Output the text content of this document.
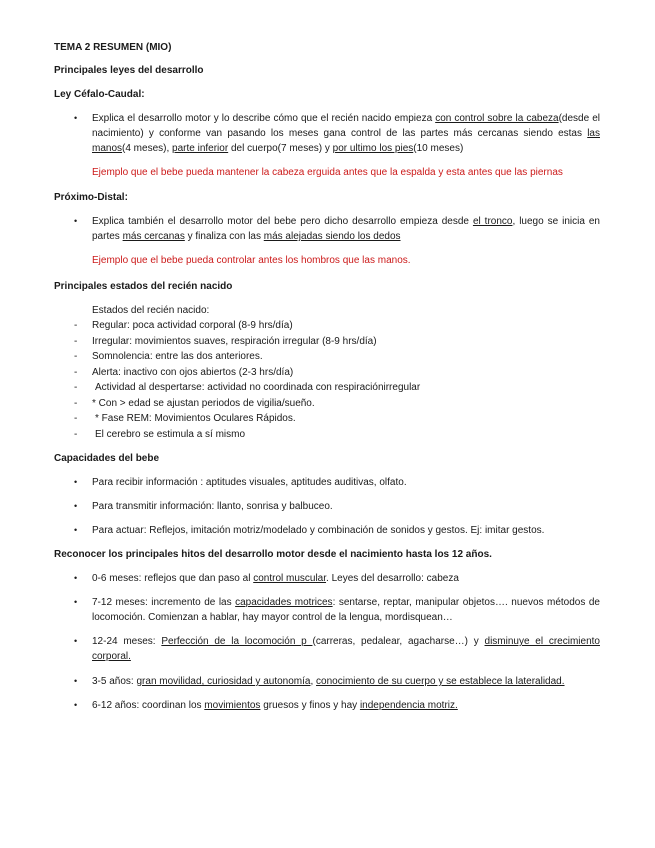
TEMA 2 RESUMEN (MIO)
Principales leyes del desarrollo
Ley Céfalo-Caudal:
•	Explica el desarrollo motor y lo describe cómo que el recién nacido empieza con control sobre la cabeza(desde el nacimiento) y conforme van pasando los meses gana control de las partes más cercanas siendo estas las manos(4 meses), parte inferior del cuerpo(7 meses) y por ultimo los pies(10 meses)
Ejemplo que el bebe pueda mantener la cabeza erguida antes que la espalda y esta antes que las piernas
Próximo-Distal:
•	Explica también el desarrollo motor del bebe pero dicho desarrollo empieza desde el tronco, luego se inicia en partes más cercanas y finaliza con las más alejadas siendo los dedos
Ejemplo que el bebe pueda controlar antes los hombros que las manos.
Principales estados del recién nacido
Estados del recién nacido:
- Regular: poca actividad corporal (8-9 hrs/día)
- Irregular: movimientos suaves, respiración irregular (8-9 hrs/día)
- Somnolencia: entre las dos anteriores.
- Alerta: inactivo con ojos abiertos (2-3 hrs/día)
- Actividad al despertarse: actividad no coordinada con respiraciónirregular
- * Con > edad se ajustan periodos de vigilia/sueño.
- * Fase REM: Movimientos Oculares Rápidos.
- El cerebro se estimula a sí mismo
Capacidades del bebe
•	Para recibir información : aptitudes visuales, aptitudes auditivas, olfato.
•	Para transmitir información: llanto, sonrisa y balbuceo.
•	Para actuar: Reflejos, imitación motriz/modelado y combinación de sonidos y gestos. Ej: imitar gestos.
Reconocer los principales hitos del desarrollo motor desde el nacimiento hasta los 12 años.
•	0-6 meses: reflejos que dan paso al control muscular. Leyes del desarrollo: cabeza
•	7-12 meses: incremento de las capacidades motrices: sentarse, reptar, manipular objetos…. nuevos métodos de locomoción. Comienzan a hablar, hay mayor control de la lengua, mordisquean…
•	12-24 meses: Perfección de la locomoción p (carreras, pedalear, agacharse…) y disminuye el crecimiento corporal.
•	3-5 años: gran movilidad, curiosidad y autonomía, conocimiento de su cuerpo y se establece la lateralidad.
•	6-12 años: coordinan los movimientos gruesos y finos y hay independencia motriz.
